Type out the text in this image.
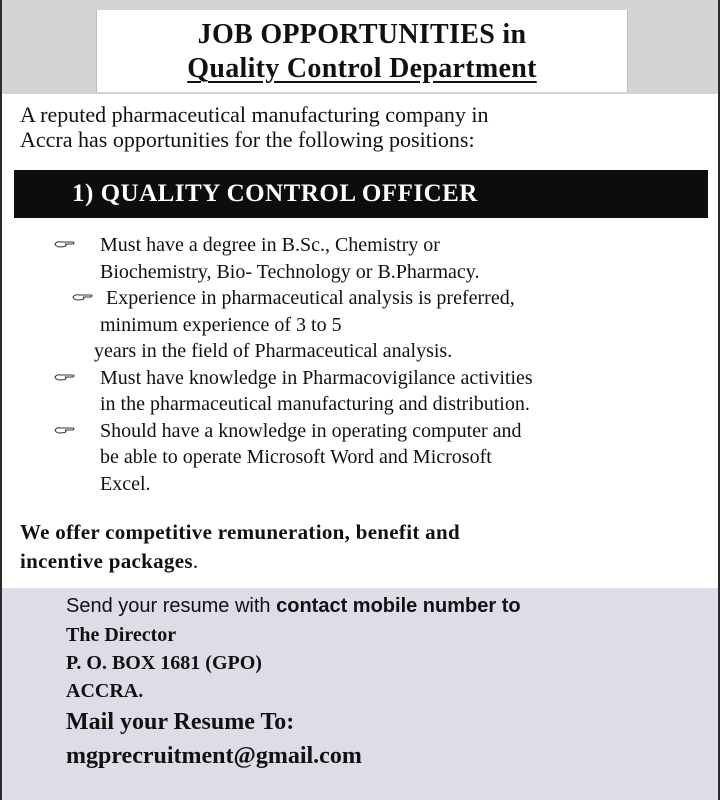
JOB OPPORTUNITIES in
Quality Control Department
A reputed pharmaceutical manufacturing company in
Accra has opportunities for the following positions:
1) QUALITY CONTROL OFFICER
Must have a degree in B.Sc., Chemistry or
Biochemistry, Bio- Technology or B.Pharmacy.
Experience in pharmaceutical analysis is preferred,
minimum experience of 3 to 5
years in the field of Pharmaceutical analysis.
Must have knowledge in Pharmacovigilance activities
in the pharmaceutical manufacturing and distribution.
Should have a knowledge in operating computer and
be able to operate Microsoft Word and Microsoft
Excel.
We offer competitive remuneration, benefit and
incentive packages.
Send your resume with contact mobile number to
The Director
P. O. BOX 1681 (GPO)
ACCRA.
Mail your Resume To:
mgprecruitment@gmail.com
